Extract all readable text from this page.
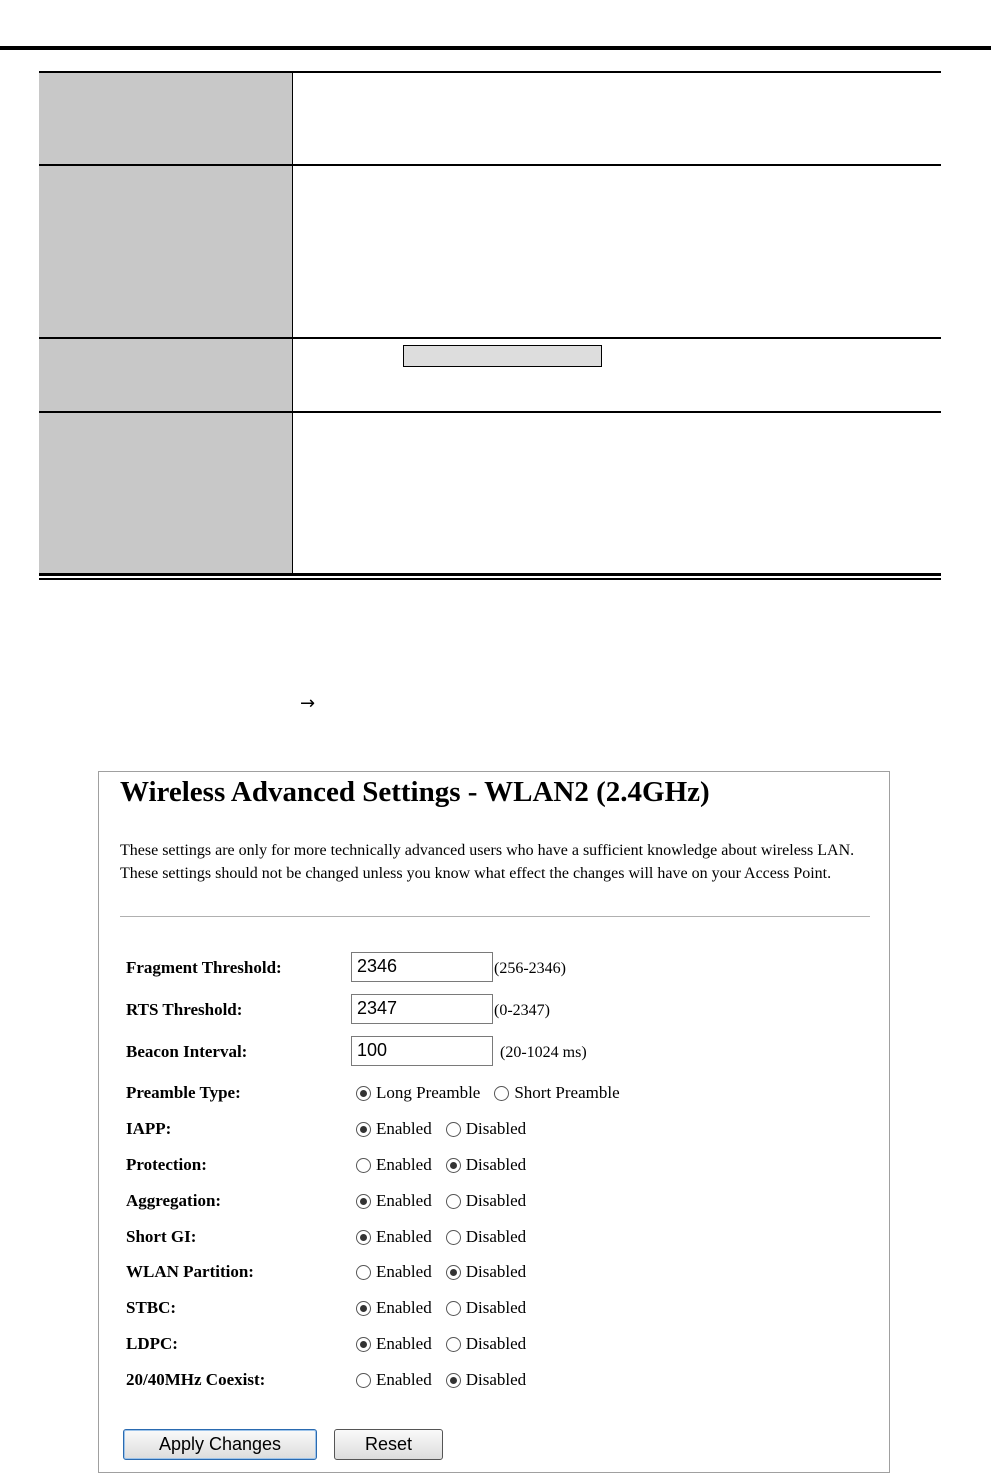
→
Wireless Advanced Settings - WLAN2 (2.4GHz)
These settings are only for more technically advanced users who have a sufficient knowledge about wireless LAN. These settings should not be changed unless you know what effect the changes will have on your Access Point.
Fragment Threshold:	2346	(256-2346)
RTS Threshold:	2347	(0-2347)
Beacon Interval:	100	(20-1024 ms)
Preamble Type:	Long Preamble Short Preamble
IAPP:	Enabled Disabled
Protection:	Enabled Disabled
Aggregation:	Enabled Disabled
Short GI:	Enabled Disabled
WLAN Partition:	Enabled Disabled
STBC:	Enabled Disabled
LDPC:	Enabled Disabled
20/40MHz Coexist:	Enabled Disabled
Apply Changes	Reset
